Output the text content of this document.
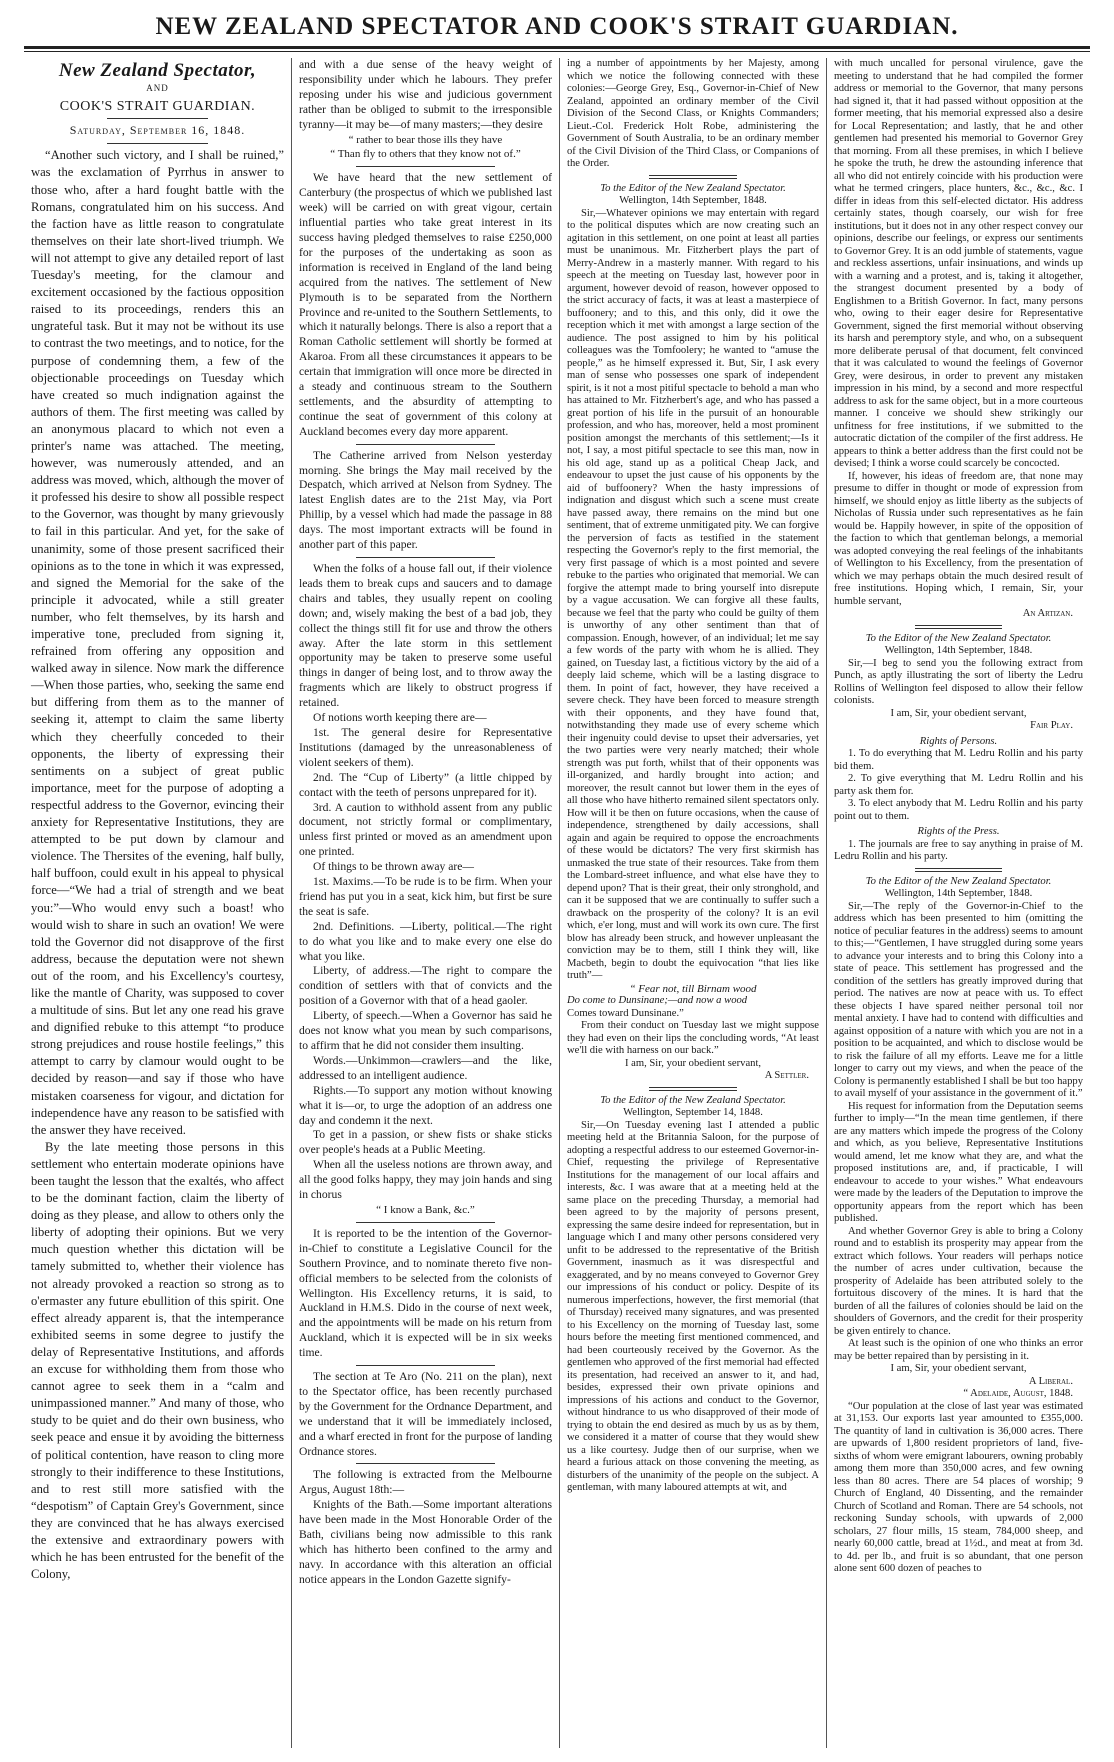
NEW ZEALAND SPECTATOR AND COOK'S STRAIT GUARDIAN.
New Zealand Spectator,
AND
COOK'S STRAIT GUARDIAN.
Saturday, September 16, 1848.

“Another such victory, and I shall be ruined,” was the exclamation of Pyrrhus in answer to those who, after a hard fought battle with the Romans, congratulated him on his success. And the faction have as little reason to congratulate themselves on their late short-lived triumph. We will not attempt to give any detailed report of last Tuesday's meeting, for the clamour and excitement occasioned by the factious opposition raised to its proceedings, renders this an ungrateful task. But it may not be without its use to contrast the two meetings, and to notice, for the purpose of condemning them, a few of the objectionable proceedings on Tuesday which have created so much indignation against the authors of them. The first meeting was called by an anonymous placard to which not even a printer's name was attached. The meeting, however, was numerously attended, and an address was moved, which, although the mover of it professed his desire to show all possible respect to the Governor, was thought by many grievously to fail in this particular. And yet, for the sake of unanimity, some of those present sacrificed their opinions as to the tone in which it was expressed, and signed the Memorial for the sake of the principle it advocated, while a still greater number, who felt themselves, by its harsh and imperative tone, precluded from signing it, refrained from offering any opposition and walked away in silence. Now mark the difference—When those parties, who, seeking the same end but differing from them as to the manner of seeking it, attempt to claim the same liberty which they cheerfully conceded to their opponents, the liberty of expressing their sentiments on a subject of great public importance, meet for the purpose of adopting a respectful address to the Governor, evincing their anxiety for Representative Institutions, they are attempted to be put down by clamour and violence. The Thersites of the evening, half bully, half buffoon, could exult in his appeal to physical force—“We had a trial of strength and we beat you:”—Who would envy such a boast! who would wish to share in such an ovation! We were told the Governor did not disapprove of the first address, because the deputation were not shewn out of the room, and his Excellency's courtesy, like the mantle of Charity, was supposed to cover a multitude of sins. But let any one read his grave and dignified rebuke to this attempt “to produce strong prejudices and rouse hostile feelings,” this attempt to carry by clamour would ought to be decided by reason—and say if those who have mistaken coarseness for vigour, and dictation for independence have any reason to be satisfied with the answer they have received.

By the late meeting those persons in this settlement who entertain moderate opinions have been taught the lesson that the exaltés, who affect to be the dominant faction, claim the liberty of doing as they please, and allow to others only the liberty of adopting their opinions. But we very much question whether this dictation will be tamely submitted to, whether their violence has not already provoked a reaction so strong as to o'ermaster any future ebullition of this spirit. One effect already apparent is, that the intemperance exhibited seems in some degree to justify the delay of Representative Institutions, and affords an excuse for withholding them from those who cannot agree to seek them in a “calm and unimpassioned manner.” And many of those, who study to be quiet and do their own business, who seek peace and ensue it by avoiding the bitterness of political contention, have reason to cling more strongly to their indifference to these Institutions, and to rest still more satisfied with the “despotism” of Captain Grey's Government, since they are convinced that he has always exercised the extensive and extraordinary powers with which he has been entrusted for the benefit of the Colony,

and with a due sense of the heavy weight of responsibility under which he labours. They prefer reposing under his wise and judicious government rather than be obliged to submit to the irresponsible tyranny—it may be—of many masters;—they desire

“ rather to bear those ills they have

“ Than fly to others that they know not of.”

We have heard that the new settlement of Canterbury (the prospectus of which we published last week) will be carried on with great vigour, certain influential parties who take great interest in its success having pledged themselves to raise £250,000 for the purposes of the undertaking as soon as information is received in England of the land being acquired from the natives. The settlement of New Plymouth is to be separated from the Northern Province and re-united to the Southern Settlements, to which it naturally belongs. There is also a report that a Roman Catholic settlement will shortly be formed at Akaroa. From all these circumstances it appears to be certain that immigration will once more be directed in a steady and continuous stream to the Southern settlements, and the absurdity of attempting to continue the seat of government of this colony at Auckland becomes every day more apparent.

The Catherine arrived from Nelson yesterday morning. She brings the May mail received by the Despatch, which arrived at Nelson from Sydney. The latest English dates are to the 21st May, via Port Phillip, by a vessel which had made the passage in 88 days. The most important extracts will be found in another part of this paper.

When the folks of a house fall out, if their violence leads them to break cups and saucers and to damage chairs and tables, they usually repent on cooling down; and, wisely making the best of a bad job, they collect the things still fit for use and throw the others away. After the late storm in this settlement opportunity may be taken to preserve some useful things in danger of being lost, and to throw away the fragments which are likely to obstruct progress if retained.

Of notions worth keeping there are—

1st. The general desire for Representative Institutions (damaged by the unreasonableness of violent seekers of them).

2nd. The “Cup of Liberty” (a little chipped by contact with the teeth of persons unprepared for it).

3rd. A caution to withhold assent from any public document, not strictly formal or complimentary, unless first printed or moved as an amendment upon one printed.

Of things to be thrown away are—

1st. Maxims.—To be rude is to be firm. When your friend has put you in a seat, kick him, but first be sure the seat is safe.

2nd. Definitions. —Liberty, political.—The right to do what you like and to make every one else do what you like.

Liberty, of address.—The right to compare the condition of settlers with that of convicts and the position of a Governor with that of a head gaoler.

Liberty, of speech.—When a Governor has said he does not know what you mean by such comparisons, to affirm that he did not consider them insulting.

Words.—Unkimmon—crawlers—and the like, addressed to an intelligent audience.

Rights.—To support any motion without knowing what it is—or, to urge the adoption of an address one day and condemn it the next.

To get in a passion, or shew fists or shake sticks over people's heads at a Public Meeting.

When all the useless notions are thrown away, and all the good folks happy, they may join hands and sing in chorus

“ I know a Bank, &c.”

It is reported to be the intention of the Governor-in-Chief to constitute a Legislative Council for the Southern Province, and to nominate thereto five non-official members to be selected from the colonists of Wellington. His Excellency returns, it is said, to Auckland in H.M.S. Dido in the course of next week, and the appointments will be made on his return from Auckland, which it is expected will be in six weeks time.

The section at Te Aro (No. 211 on the plan), next to the Spectator office, has been recently purchased by the Government for the Ordnance Department, and we understand that it will be immediately inclosed, and a wharf erected in front for the purpose of landing Ordnance stores.

The following is extracted from the Melbourne Argus, August 18th:—

Knights of the Bath.—Some important alterations have been made in the Most Honorable Order of the Bath, civilians being now admissible to this rank which has hitherto been confined to the army and navy. In accordance with this alteration an official notice appears in the London Gazette signify-

ing a number of appointments by her Majesty, among which we notice the following connected with these colonies:—George Grey, Esq., Governor-in-Chief of New Zealand, appointed an ordinary member of the Civil Division of the Second Class, or Knights Commanders; Lieut.-Col. Frederick Holt Robe, administering the Government of South Australia, to be an ordinary member of the Civil Division of the Third Class, or Companions of the Order.

To the Editor of the New Zealand Spectator.

Wellington, 14th September, 1848.

Sir,—Whatever opinions we may entertain with regard to the political disputes which are now creating such an agitation in this settlement, on one point at least all parties must be unanimous. Mr. Fitzherbert plays the part of Merry-Andrew in a masterly manner. With regard to his speech at the meeting on Tuesday last, however poor in argument, however devoid of reason, however opposed to the strict accuracy of facts, it was at least a masterpiece of buffoonery; and to this, and this only, did it owe the reception which it met with amongst a large section of the audience. The post assigned to him by his political colleagues was the Tomfoolery; he wanted to “amuse the people,” as he himself expressed it. But, Sir, I ask every man of sense who possesses one spark of independent spirit, is it not a most pitiful spectacle to behold a man who has attained to Mr. Fitzherbert's age, and who has passed a great portion of his life in the pursuit of an honourable profession, and who has, moreover, held a most prominent position amongst the merchants of this settlement;—Is it not, I say, a most pitiful spectacle to see this man, now in his old age, stand up as a political Cheap Jack, and endeavour to upset the just cause of his opponents by the aid of buffoonery? When the hasty impressions of indignation and disgust which such a scene must create have passed away, there remains on the mind but one sentiment, that of extreme unmitigated pity. We can forgive the perversion of facts as testified in the statement respecting the Governor's reply to the first memorial, the very first passage of which is a most pointed and severe rebuke to the parties who originated that memorial. We can forgive the attempt made to bring yourself into disrepute by a vague accusation. We can forgive all these faults, because we feel that the party who could be guilty of them is unworthy of any other sentiment than that of compassion. Enough, however, of an individual; let me say a few words of the party with whom he is allied. They gained, on Tuesday last, a fictitious victory by the aid of a deeply laid scheme, which will be a lasting disgrace to them. In point of fact, however, they have received a severe check. They have been forced to measure strength with their opponents, and they have found that, notwithstanding they made use of every scheme which their ingenuity could devise to upset their adversaries, yet the two parties were very nearly matched; their whole strength was put forth, whilst that of their opponents was ill-organized, and hardly brought into action; and moreover, the result cannot but lower them in the eyes of all those who have hitherto remained silent spectators only. How will it be then on future occasions, when the cause of independence, strengthened by daily accessions, shall again and again be required to oppose the encroachments of these would be dictators? The very first skirmish has unmasked the true state of their resources. Take from them the Lombard-street influence, and what else have they to depend upon? That is their great, their only stronghold, and can it be supposed that we are continually to suffer such a drawback on the prosperity of the colony? It is an evil which, e'er long, must and will work its own cure. The first blow has already been struck, and however unpleasant the conviction may be to them, still I think they will, like Macbeth, begin to doubt the equivocation “that lies like truth”—

“ Fear not, till Birnam wood

Do come to Dunsinane;—and now a wood

Comes toward Dunsinane.”

From their conduct on Tuesday last we might suppose they had even on their lips the concluding words, “At least we'll die with harness on our back.”

I am, Sir, your obedient servant,

A Settler.

To the Editor of the New Zealand Spectator.

Wellington, September 14, 1848.

Sir,—On Tuesday evening last I attended a public meeting held at the Britannia Saloon, for the purpose of adopting a respectful address to our esteemed Governor-in-Chief, requesting the privilege of Representative Institutions for the management of our local affairs and interests, &c. I was aware that at a meeting held at the same place on the preceding Thursday, a memorial had been agreed to by the majority of persons present, expressing the same desire indeed for representation, but in language which I and many other persons considered very unfit to be addressed to the representative of the British Government, inasmuch as it was disrespectful and exaggerated, and by no means conveyed to Governor Grey our impressions of his conduct or policy. Despite of its numerous imperfections, however, the first memorial (that of Thursday) received many signatures, and was presented to his Excellency on the morning of Tuesday last, some hours before the meeting first mentioned commenced, and had been courteously received by the Governor. As the gentlemen who approved of the first memorial had effected its presentation, had received an answer to it, and had, besides, expressed their own private opinions and impressions of his actions and conduct to the Governor, without hindrance to us who disapproved of their mode of trying to obtain the end desired as much by us as by them, we considered it a matter of course that they would shew us a like courtesy. Judge then of our surprise, when we heard a furious attack on those convening the meeting, as disturbers of the unanimity of the people on the subject. A gentleman, with many laboured attempts at wit, and

with much uncalled for personal virulence, gave the meeting to understand that he had compiled the former address or memorial to the Governor, that many persons had signed it, that it had passed without opposition at the former meeting, that his memorial expressed also a desire for Local Representation; and lastly, that he and other gentlemen had presented his memorial to Governor Grey that morning. From all these premises, in which I believe he spoke the truth, he drew the astounding inference that all who did not entirely coincide with his production were what he termed cringers, place hunters, &c., &c., &c. I differ in ideas from this self-elected dictator. His address certainly states, though coarsely, our wish for free institutions, but it does not in any other respect convey our opinions, describe our feelings, or express our sentiments to Governor Grey. It is an odd jumble of statements, vague and reckless assertions, unfair insinuations, and winds up with a warning and a protest, and is, taking it altogether, the strangest document presented by a body of Englishmen to a British Governor. In fact, many persons who, owing to their eager desire for Representative Government, signed the first memorial without observing its harsh and peremptory style, and who, on a subsequent more deliberate perusal of that document, felt convinced that it was calculated to wound the feelings of Governor Grey, were desirous, in order to prevent any mistaken impression in his mind, by a second and more respectful address to ask for the same object, but in a more courteous manner. I conceive we should shew strikingly our unfitness for free institutions, if we submitted to the autocratic dictation of the compiler of the first address. He appears to think a better address than the first could not be devised; I think a worse could scarcely be concocted.

If, however, his ideas of freedom are, that none may presume to differ in thought or mode of expression from himself, we should enjoy as little liberty as the subjects of Nicholas of Russia under such representatives as he fain would be. Happily however, in spite of the opposition of the faction to which that gentleman belongs, a memorial was adopted conveying the real feelings of the inhabitants of Wellington to his Excellency, from the presentation of which we may perhaps obtain the much desired result of free institutions. Hoping which, I remain, Sir, your humble servant,

An Artizan.

To the Editor of the New Zealand Spectator.

Wellington, 14th September, 1848.

Sir,—I beg to send you the following extract from Punch, as aptly illustrating the sort of liberty the Ledru Rollins of Wellington feel disposed to allow their fellow colonists.

I am, Sir, your obedient servant,

Fair Play.

Rights of Persons.

1. To do everything that M. Ledru Rollin and his party bid them.

2. To give everything that M. Ledru Rollin and his party ask them for.

3. To elect anybody that M. Ledru Rollin and his party point out to them.

Rights of the Press.

1. The journals are free to say anything in praise of M. Ledru Rollin and his party.

To the Editor of the New Zealand Spectator.

Wellington, 14th September, 1848.

Sir,—The reply of the Governor-in-Chief to the address which has been presented to him (omitting the notice of peculiar features in the address) seems to amount to this;—“Gentlemen, I have struggled during some years to advance your interests and to bring this Colony into a state of peace. This settlement has progressed and the condition of the settlers has greatly improved during that period. The natives are now at peace with us. To effect these objects I have spared neither personal toil nor mental anxiety. I have had to contend with difficulties and against opposition of a nature with which you are not in a position to be acquainted, and which to disclose would be to risk the failure of all my efforts. Leave me for a little longer to carry out my views, and when the peace of the Colony is permanently established I shall be but too happy to avail myself of your assistance in the government of it.”

His request for information from the Deputation seems further to imply—“In the mean time gentlemen, if there are any matters which impede the progress of the Colony and which, as you believe, Representative Institutions would amend, let me know what they are, and what the proposed institutions are, and, if practicable, I will endeavour to accede to your wishes.” What endeavours were made by the leaders of the Deputation to improve the opportunity appears from the report which has been published.

And whether Governor Grey is able to bring a Colony round and to establish its prosperity may appear from the extract which follows. Your readers will perhaps notice the number of acres under cultivation, because the prosperity of Adelaide has been attributed solely to the fortuitous discovery of the mines. It is hard that the burden of all the failures of colonies should be laid on the shoulders of Governors, and the credit for their prosperity be given entirely to chance.

At least such is the opinion of one who thinks an error may be better repaired than by persisting in it.

I am, Sir, your obedient servant,

A Liberal.

“ Adelaide, August, 1848.

“Our population at the close of last year was estimated at 31,153. Our exports last year amounted to £355,000. The quantity of land in cultivation is 36,000 acres. There are upwards of 1,800 resident proprietors of land, five-sixths of whom were emigrant labourers, owning probably among them more than 350,000 acres, and few owning less than 80 acres. There are 54 places of worship; 9 Church of England, 40 Dissenting, and the remainder Church of Scotland and Roman. There are 54 schools, not reckoning Sunday schools, with upwards of 2,000 scholars, 27 flour mills, 15 steam, 784,000 sheep, and nearly 60,000 cattle, bread at 1½d., and meat at from 3d. to 4d. per lb., and fruit is so abundant, that one person alone sent 600 dozen of peaches to
